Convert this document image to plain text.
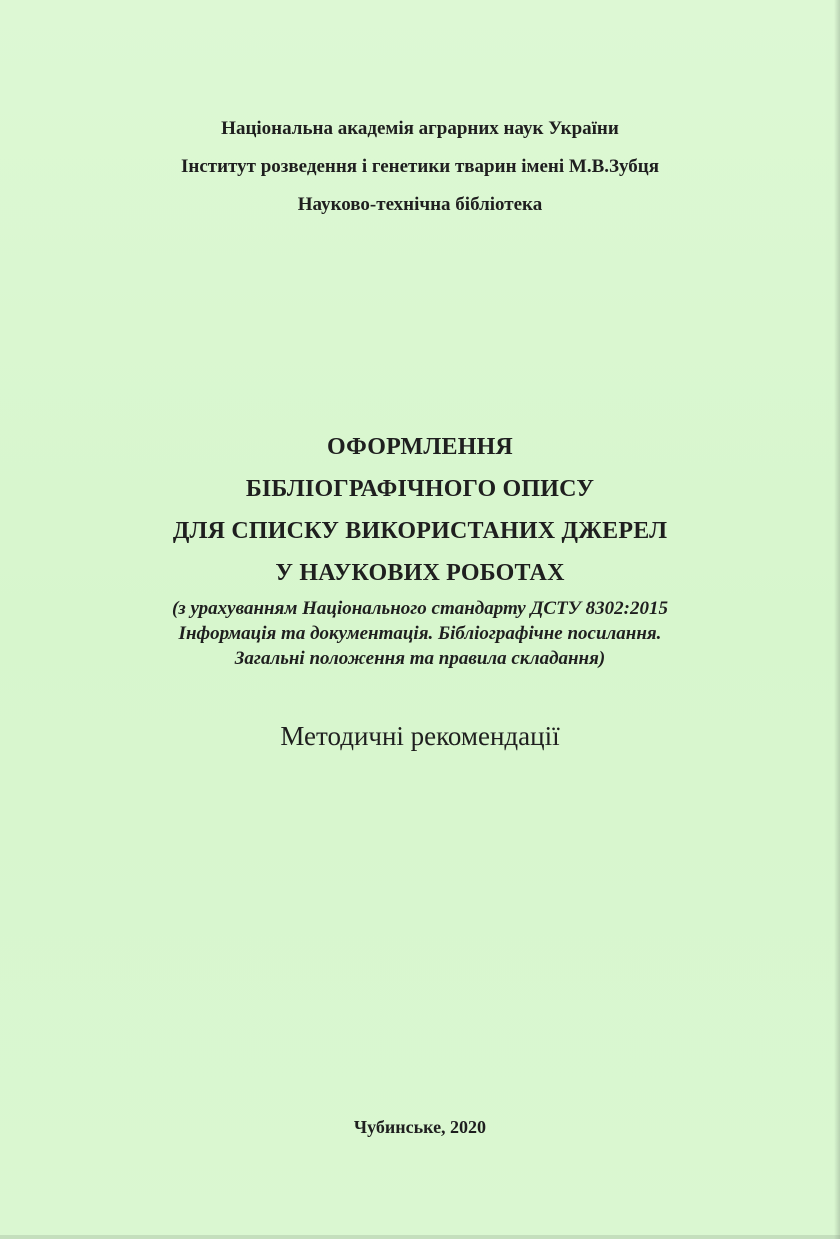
Національна академія аграрних наук України
Інститут розведення і генетики тварин імені М.В.Зубця
Науково-технічна бібліотека
ОФОРМЛЕННЯ
БІБЛІОГРАФІЧНОГО ОПИСУ
ДЛЯ СПИСКУ ВИКОРИСТАНИХ ДЖЕРЕЛ
У НАУКОВИХ РОБОТАХ
(з урахуванням Національного стандарту ДСТУ 8302:2015
Інформація та документація. Бібліографічне посилання.
Загальні положення та правила складання)
Методичні рекомендації
Чубинське, 2020
